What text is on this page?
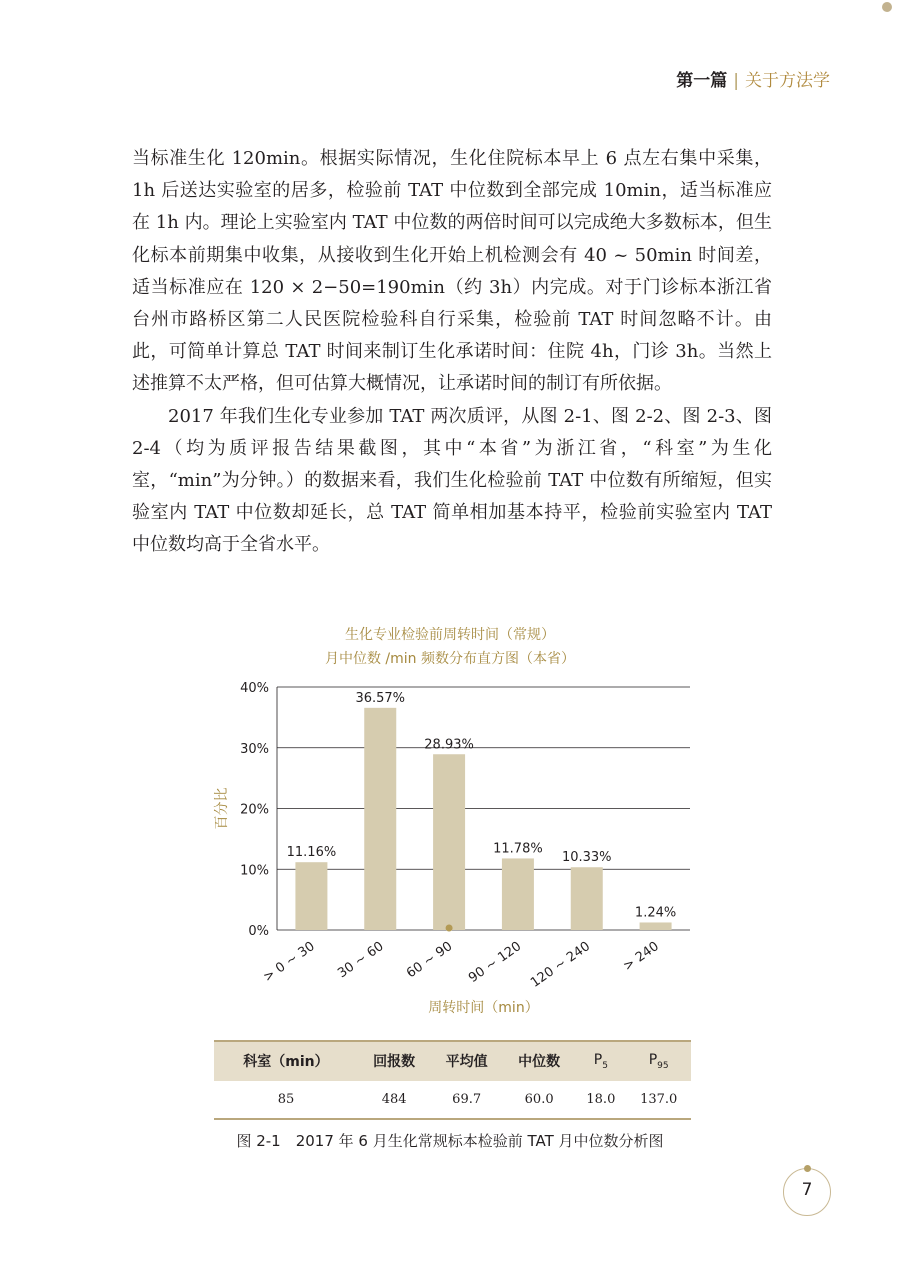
第一篇 | 关于方法学

当标准生化 120min。根据实际情况，生化住院标本早上 6 点左右集中采集，1h 后送达实验室的居多，检验前 TAT 中位数到全部完成 10min，适当标准应在 1h 内。理论上实验室内 TAT 中位数的两倍时间可以完成绝大多数标本，但生化标本前期集中收集，从接收到生化开始上机检测会有 40 ~ 50min 时间差，适当标准应在 120 × 2−50=190min（约 3h）内完成。对于门诊标本浙江省台州市路桥区第二人民医院检验科自行采集，检验前 TAT 时间忽略不计。由此，可简单计算总 TAT 时间来制订生化承诺时间：住院 4h，门诊 3h。当然上述推算不太严格，但可估算大概情况，让承诺时间的制订有所依据。

2017 年我们生化专业参加 TAT 两次质评，从图 2-1、图 2-2、图 2-3、图 2-4（均为质评报告结果截图，其中“本省”为浙江省，“科室”为生化室，“min”为分钟。）的数据来看，我们生化检验前 TAT 中位数有所缩短，但实验室内 TAT 中位数却延长，总 TAT 简单相加基本持平，检验前实验室内 TAT 中位数均高于全省水平。

生化专业检验前周转时间（常规）
月中位数 /min 频数分布直方图（本省）
0%
10%
20%
30%
40%
11.16%
> 0 ~ 30
36.57%
30 ~ 60
28.93%
60 ~ 90
11.78%
90 ~ 120
10.33%
120 ~ 240
1.24%
> 240
百分比
周转时间（min）
科室（min）	回报数	平均值	中位数	$P_5$	$P_{95}$
85	484	69.7	60.0	18.0	137.0
图 2-1　2017 年 6 月生化常规标本检验前 TAT 月中位数分析图
7
